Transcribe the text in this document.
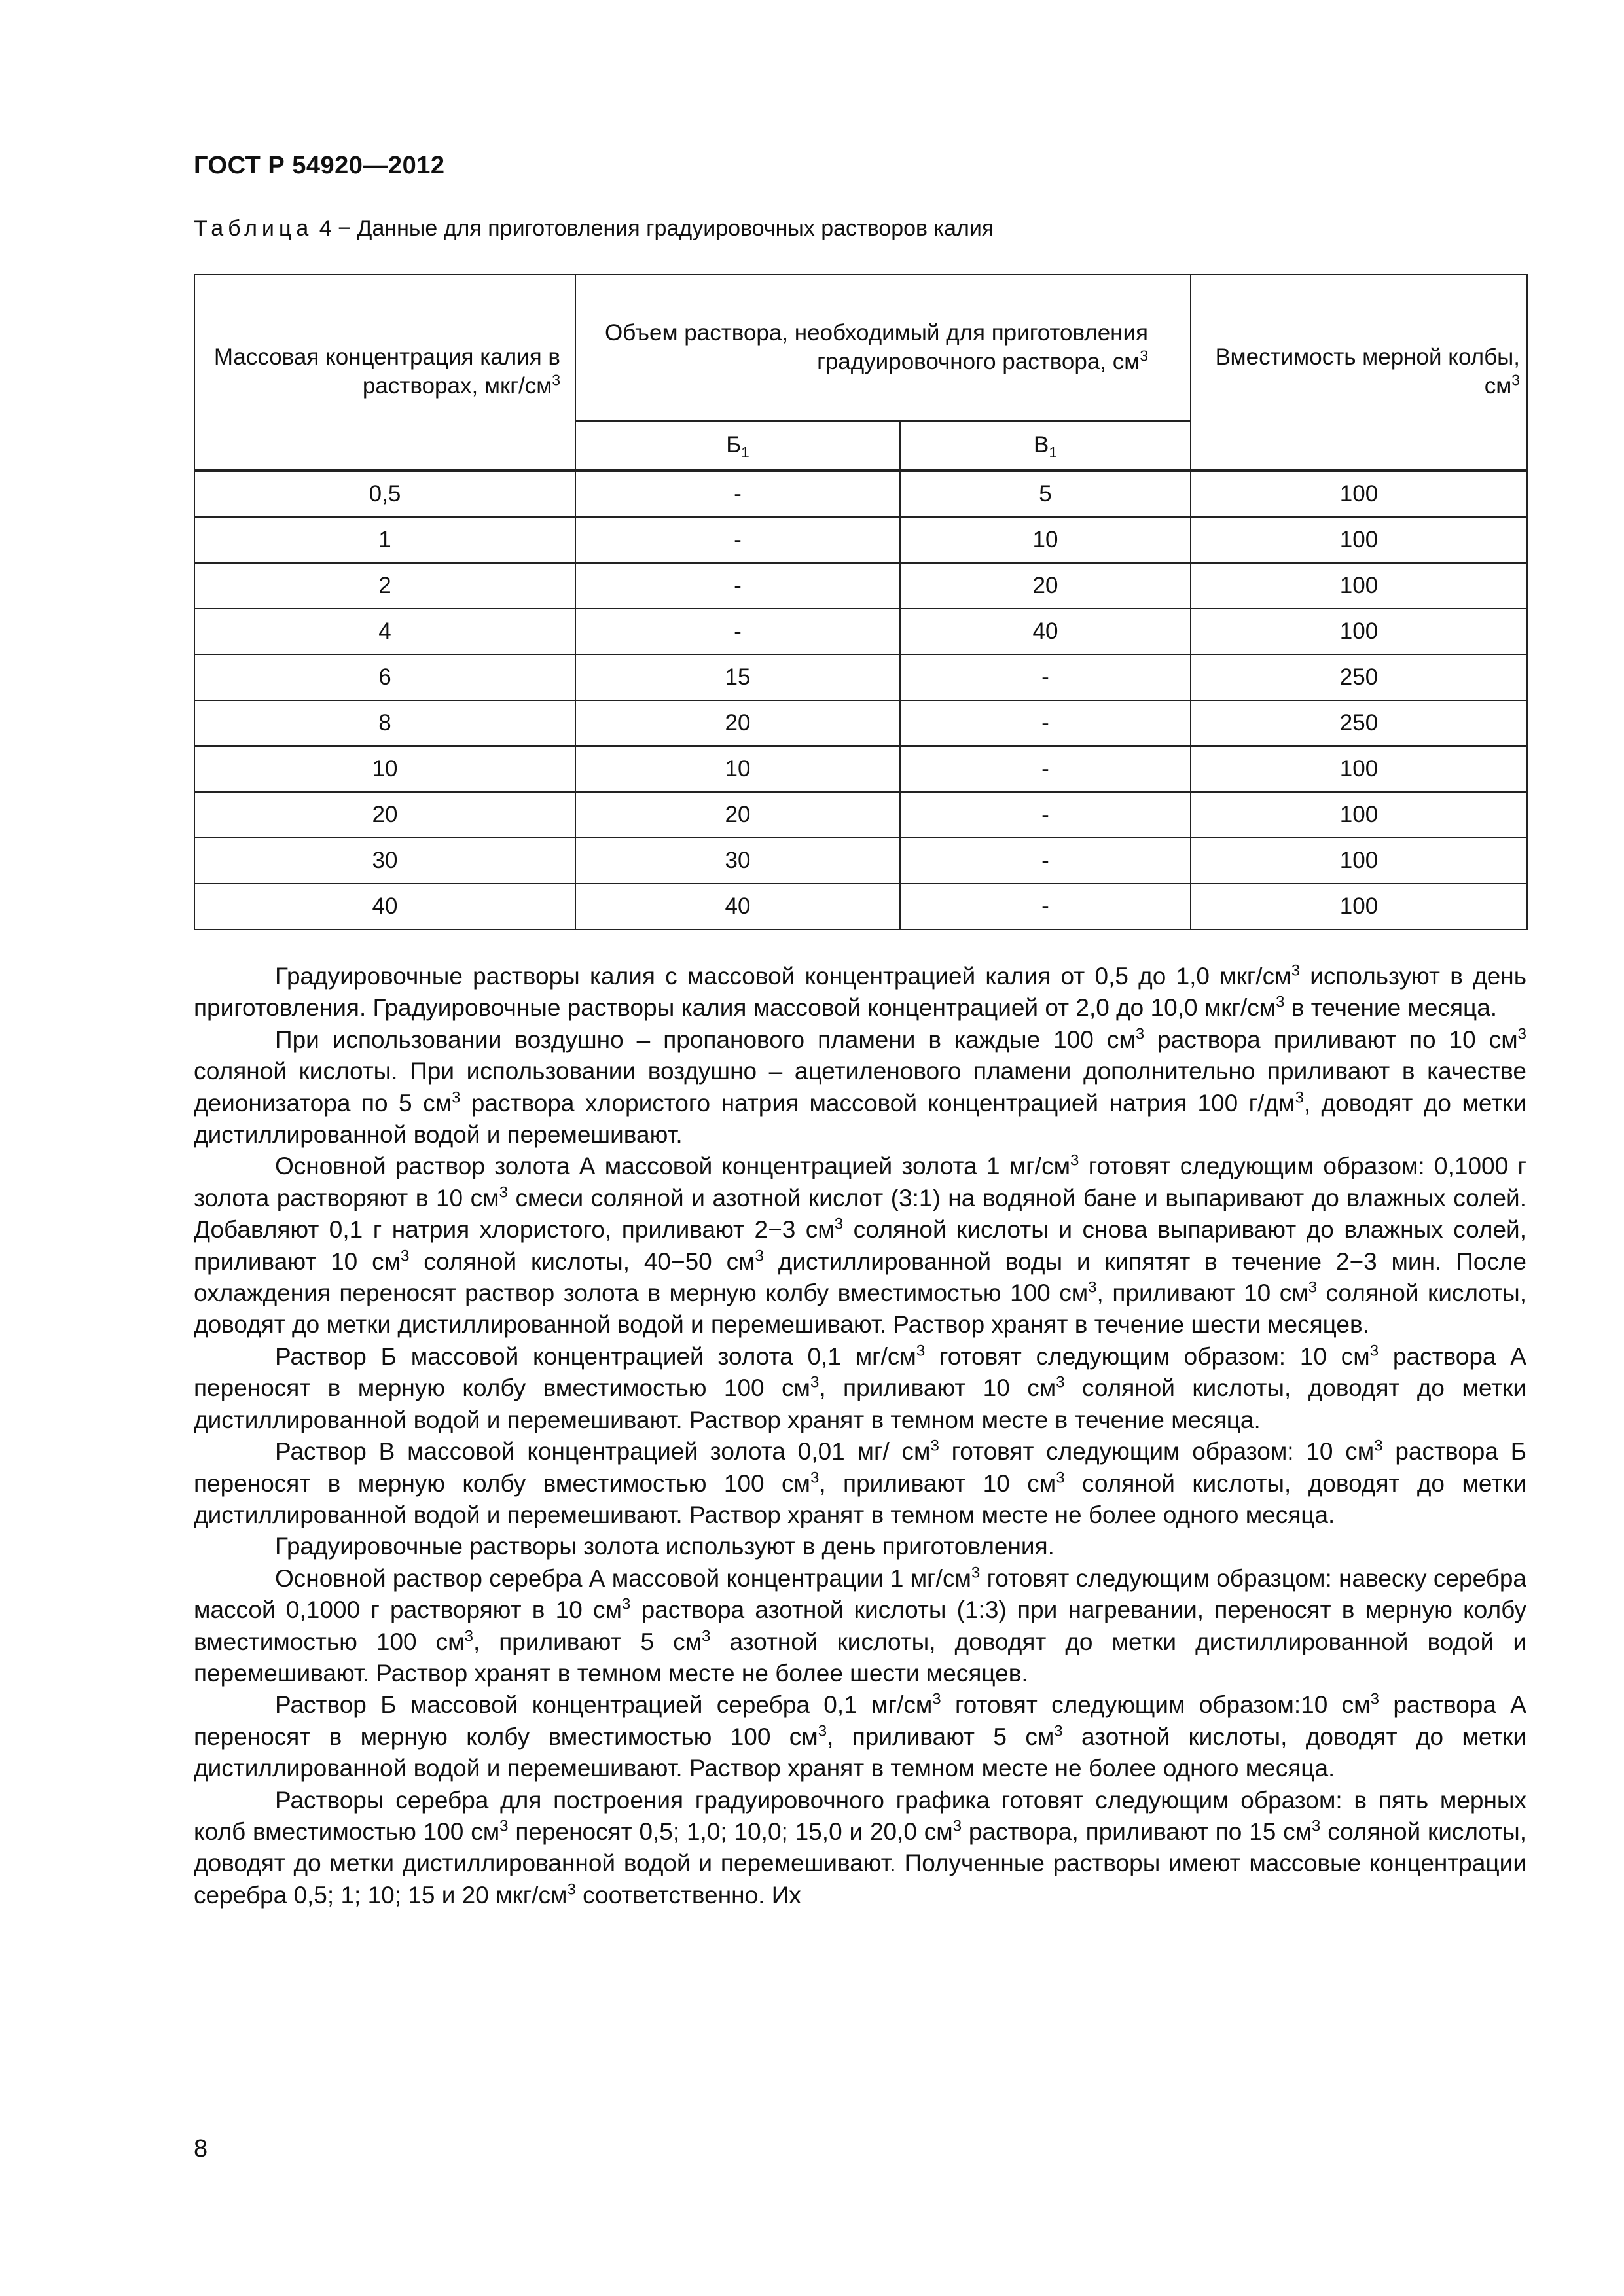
ГОСТ Р 54920—2012
Таблица 4 − Данные для приготовления градуировочных растворов калия
Массовая концентрация калия в растворах, мкг/$см^3$	Объем раствора, необходимый для приготовления градуировочного раствора, $см^3$		Вместимость мерной колбы, $см^3$

	$Б_1$	$В_1$
0,5	-	5	100
1	-	10	100
2	-	20	100
4	-	40	100
6	15	-	250
8	20	-	250
10	10	-	100
20	20	-	100
30	30	-	100
40	40	-	100

Градуировочные растворы калия с массовой концентрацией калия от 0,5 до 1,0 мкг/$см^3$ используют в день приготовления. Градуировочные растворы калия массовой концентрацией от 2,0 до 10,0 мкг/$см^3$ в течение месяца.

При использовании воздушно – пропанового пламени в каждые 100 $см^3$ раствора приливают по 10 $см^3$ соляной кислоты. При использовании воздушно – ацетиленового пламени дополнительно приливают в качестве деионизатора по 5 $см^3$ раствора хлористого натрия массовой концентрацией натрия 100 $г/дм^3$, доводят до метки дистиллированной водой и перемешивают.

Основной раствор золота А массовой концентрацией золота 1 $мг/см^3$ готовят следующим образом: 0,1000 г золота растворяют в 10 $см^3$ смеси соляной и азотной кислот (3:1) на водяной бане и выпаривают до влажных солей. Добавляют 0,1 г натрия хлористого, приливают 2−3 $см^3$ соляной кислоты и снова выпаривают до влажных солей, приливают 10 $см^3$ соляной кислоты, 40−50 $см^3$ дистиллированной воды и кипятят в течение 2−3 мин. После охлаждения переносят раствор золота в мерную колбу вместимостью 100 $см^3$, приливают 10 $см^3$ соляной кислоты, доводят до метки дистиллированной водой и перемешивают. Раствор хранят в течение шести месяцев.

Раствор Б массовой концентрацией золота 0,1 $мг/см^3$ готовят следующим образом: 10 $см^3$ раствора А переносят в мерную колбу вместимостью 100 $см^3$, приливают 10 $см^3$ соляной кислоты, доводят до метки дистиллированной водой и перемешивают. Раствор хранят в темном месте в течение месяца.

Раствор В массовой концентрацией золота 0,01 мг/ $см^3$ готовят следующим образом: 10 $см^3$ раствора Б переносят в мерную колбу вместимостью 100 $см^3$, приливают 10 $см^3$ соляной кислоты, доводят до метки дистиллированной водой и перемешивают. Раствор хранят в темном месте не более одного месяца.

Градуировочные растворы золота используют в день приготовления.

Основной раствор серебра А массовой концентрации 1 $мг/см^3$ готовят следующим образцом: навеску серебра массой 0,1000 г растворяют в 10 $см^3$ раствора азотной кислоты (1:3) при нагревании, переносят в мерную колбу вместимостью 100 $см^3$, приливают 5 $см^3$ азотной кислоты, доводят до метки дистиллированной водой и перемешивают. Раствор хранят в темном месте не более шести месяцев.

Раствор Б массовой концентрацией серебра 0,1 $мг/см^3$ готовят следующим образом:10 $см^3$ раствора А переносят в мерную колбу вместимостью 100 $см^3$, приливают 5 $см^3$ азотной кислоты, доводят до метки дистиллированной водой и перемешивают. Раствор хранят в темном месте не более одного месяца.

Растворы серебра для построения градуировочного графика готовят следующим образом: в пять мерных колб вместимостью 100 $см^3$ переносят 0,5; 1,0; 10,0; 15,0 и 20,0 $см^3$ раствора, приливают по 15 $см^3$ соляной кислоты, доводят до метки дистиллированной водой и перемешивают. Полученные растворы имеют массовые концентрации серебра 0,5; 1; 10; 15 и 20 мкг/$см^3$ соответственно. Их

8
